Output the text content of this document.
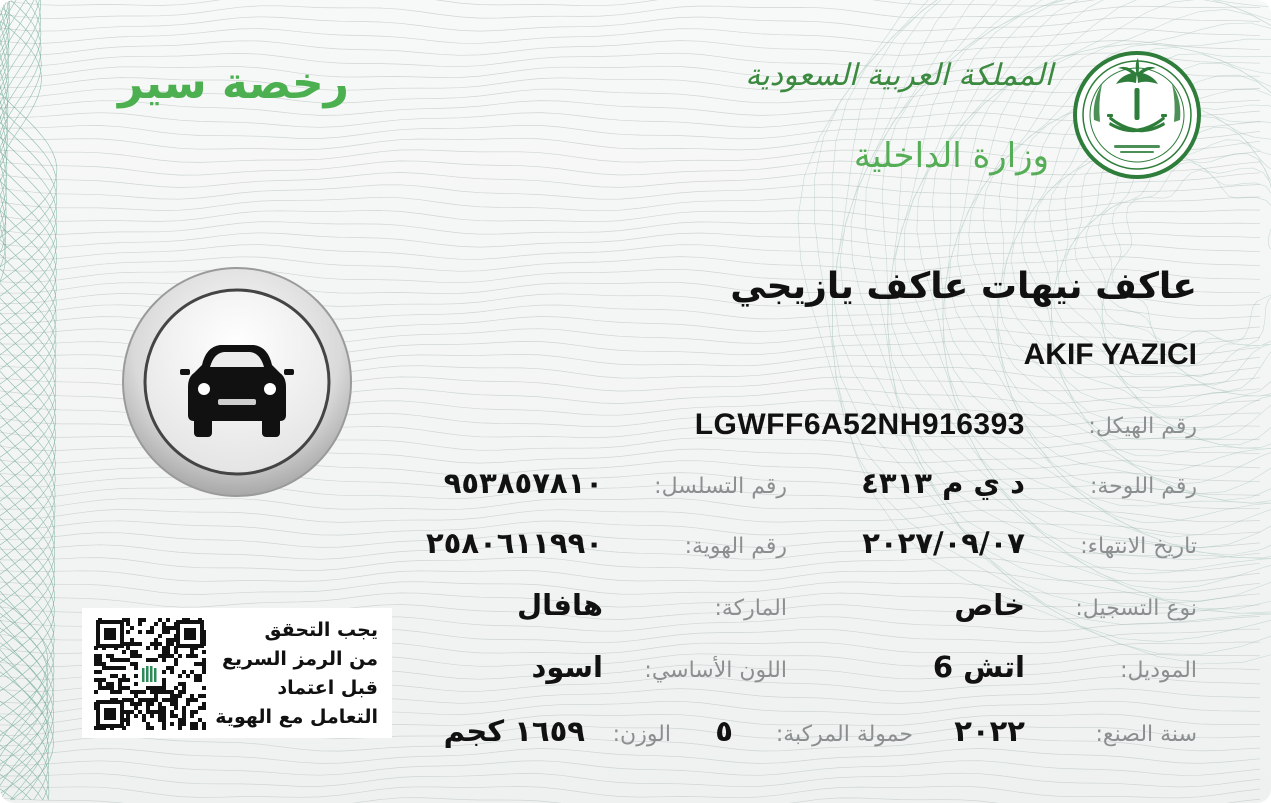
رخصة سير	المملكة العربية السعودية
وزارة الداخلية
عاكف نيهات عاكف يازيجي
AKIF YAZICI
رقم الهيكل:
LGWFF6A52NH916393
رقم اللوحة:
د ي م ٤٣١٣
رقم التسلسل:
٩٥٣٨٥٧٨١٠
تاريخ الانتهاء:
٢٠٢٧/٠٩/٠٧
رقم الهوية:
٢٥٨٠٦١١٩٩٠
نوع التسجيل:
خاص
الماركة:
هافال
الموديل:
اتش 6
اللون الأساسي:
اسود
سنة الصنع:
٢٠٢٢
حمولة المركبة:
٥
الوزن:
١٦٥٩ كجم
يجب التحقق
من الرمز السريع
قبل اعتماد
التعامل مع الهوية
